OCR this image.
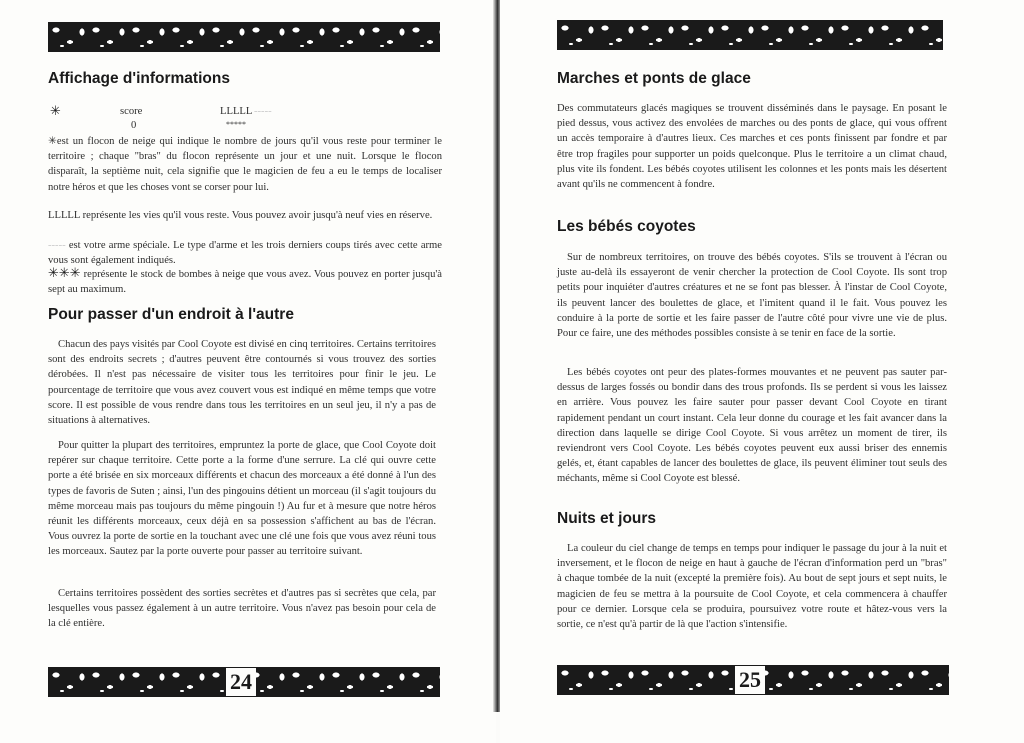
Affichage d'informations
✳	score
0
LLLLL -----
*****

✳est un flocon de neige qui indique le nombre de jours qu'il vous reste pour terminer le territoire ; chaque "bras" du flocon représente un jour et une nuit. Lorsque le flocon disparaît, la septième nuit, cela signifie que le magicien de feu a eu le temps de localiser notre héros et que les choses vont se corser pour lui.

LLLLL représente les vies qu'il vous reste. Vous pouvez avoir jusqu'à neuf vies en réserve.

----- est votre arme spéciale. Le type d'arme et les trois derniers coups tirés avec cette arme vous sont également indiqués.

✳✳✳ représente le stock de bombes à neige que vous avez. Vous pouvez en porter jusqu'à sept au maximum.

Pour passer d'un endroit à l'autre

Chacun des pays visités par Cool Coyote est divisé en cinq territoires. Certains territoires sont des endroits secrets ; d'autres peuvent être contournés si vous trouvez des sorties dérobées. Il n'est pas nécessaire de visiter tous les territoires pour finir le jeu. Le pourcentage de territoire que vous avez couvert vous est indiqué en même temps que votre score. Il est possible de vous rendre dans tous les territoires en un seul jeu, il n'y a pas de situations à alternatives.

Pour quitter la plupart des territoires, empruntez la porte de glace, que Cool Coyote doit repérer sur chaque territoire. Cette porte a la forme d'une serrure. La clé qui ouvre cette porte a été brisée en six morceaux différents et chacun des morceaux a été donné à l'un des types de favoris de Suten ; ainsi, l'un des pingouins détient un morceau (il s'agit toujours du même morceau mais pas toujours du même pingouin !) Au fur et à mesure que notre héros réunit les différents morceaux, ceux déjà en sa possession s'affichent au bas de l'écran. Vous ouvrez la porte de sortie en la touchant avec une clé une fois que vous avez réuni tous les morceaux. Sautez par la porte ouverte pour passer au territoire suivant.

Certains territoires possèdent des sorties secrètes et d'autres pas si secrètes que cela, par lesquelles vous passez également à un autre territoire. Vous n'avez pas besoin pour cela de la clé entière.

24
Marches et ponts de glace

Des commutateurs glacés magiques se trouvent disséminés dans le paysage. En posant le pied dessus, vous activez des envolées de marches ou des ponts de glace, qui vous offrent un accès temporaire à d'autres lieux. Ces marches et ces ponts finissent par fondre et par être trop fragiles pour supporter un poids quelconque. Plus le territoire a un climat chaud, plus vite ils fondent. Les bébés coyotes utilisent les colonnes et les ponts mais les désertent avant qu'ils ne commencent à fondre.

Les bébés coyotes

Sur de nombreux territoires, on trouve des bébés coyotes. S'ils se trouvent à l'écran ou juste au-delà ils essayeront de venir chercher la protection de Cool Coyote. Ils sont trop petits pour inquiéter d'autres créatures et ne se font pas blesser. À l'instar de Cool Coyote, ils peuvent lancer des boulettes de glace, et l'imitent quand il le fait. Vous pouvez les conduire à la porte de sortie et les faire passer de l'autre côté pour vivre une vie de plus. Pour ce faire, une des méthodes possibles consiste à se tenir en face de la sortie.

Les bébés coyotes ont peur des plates-formes mouvantes et ne peuvent pas sauter par-dessus de larges fossés ou bondir dans des trous profonds. Ils se perdent si vous les laissez en arrière. Vous pouvez les faire sauter pour passer devant Cool Coyote en tirant rapidement pendant un court instant. Cela leur donne du courage et les fait avancer dans la direction dans laquelle se dirige Cool Coyote. Si vous arrêtez un moment de tirer, ils reviendront vers Cool Coyote. Les bébés coyotes peuvent eux aussi briser des ennemis gelés, et, étant capables de lancer des boulettes de glace, ils peuvent éliminer tout seuls des méchants, même si Cool Coyote est blessé.

Nuits et jours

La couleur du ciel change de temps en temps pour indiquer le passage du jour à la nuit et inversement, et le flocon de neige en haut à gauche de l'écran d'information perd un "bras" à chaque tombée de la nuit (excepté la première fois). Au bout de sept jours et sept nuits, le magicien de feu se mettra à la poursuite de Cool Coyote, et cela commencera à chauffer pour ce dernier. Lorsque cela se produira, poursuivez votre route et hâtez-vous vers la sortie, ce n'est qu'à partir de là que l'action s'intensifie.

25
